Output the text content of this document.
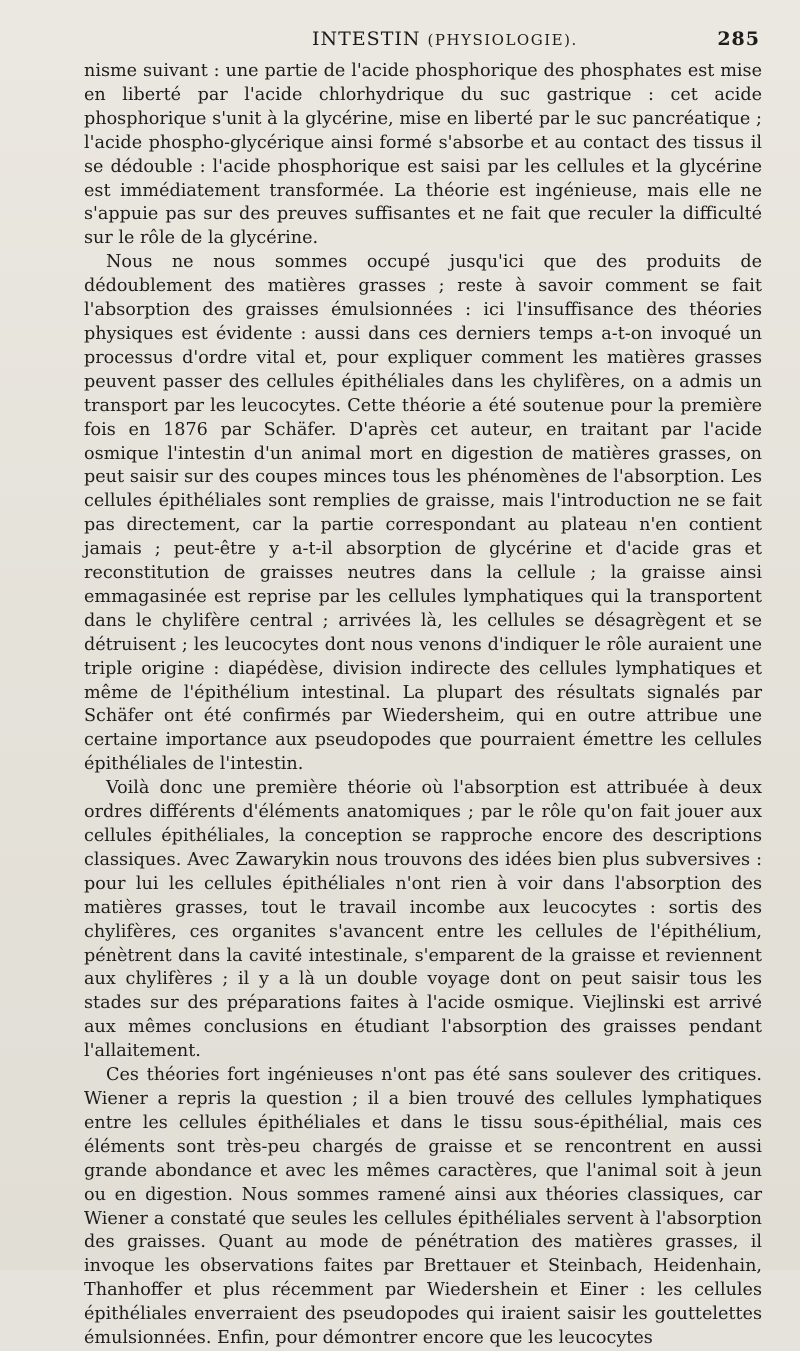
INTESTIN (PHYSIOLOGIE).	285

nisme suivant : une partie de l'acide phosphorique des phosphates est mise en liberté par l'acide chlorhydrique du suc gastrique : cet acide phosphorique s'unit à la glycérine, mise en liberté par le suc pancréatique ; l'acide phospho-glycérique ainsi formé s'absorbe et au contact des tissus il se dédouble : l'acide phosphorique est saisi par les cellules et la glycérine est immédiatement transformée. La théorie est ingénieuse, mais elle ne s'appuie pas sur des preuves suffisantes et ne fait que reculer la difficulté sur le rôle de la glycérine.

Nous ne nous sommes occupé jusqu'ici que des produits de dédoublement des matières grasses ; reste à savoir comment se fait l'absorption des graisses émulsionnées : ici l'insuffisance des théories physiques est évidente : aussi dans ces derniers temps a-t-on invoqué un processus d'ordre vital et, pour expliquer comment les matières grasses peuvent passer des cellules épithéliales dans les chylifères, on a admis un transport par les leucocytes. Cette théorie a été soutenue pour la première fois en 1876 par Schäfer. D'après cet auteur, en traitant par l'acide osmique l'intestin d'un animal mort en digestion de matières grasses, on peut saisir sur des coupes minces tous les phénomènes de l'absorption. Les cellules épithéliales sont remplies de graisse, mais l'introduction ne se fait pas directement, car la partie correspondant au plateau n'en contient jamais ; peut-être y a-t-il absorption de glycérine et d'acide gras et reconstitution de graisses neutres dans la cellule ; la graisse ainsi emmagasinée est reprise par les cellules lymphatiques qui la transportent dans le chylifère central ; arrivées là, les cellules se désagrègent et se détruisent ; les leucocytes dont nous venons d'indiquer le rôle auraient une triple origine : diapédèse, division indirecte des cellules lymphatiques et même de l'épithélium intestinal. La plupart des résultats signalés par Schäfer ont été confirmés par Wiedersheim, qui en outre attribue une certaine importance aux pseudopodes que pourraient émettre les cellules épithéliales de l'intestin.

Voilà donc une première théorie où l'absorption est attribuée à deux ordres différents d'éléments anatomiques ; par le rôle qu'on fait jouer aux cellules épithéliales, la conception se rapproche encore des descriptions classiques. Avec Zawarykin nous trouvons des idées bien plus subversives : pour lui les cellules épithéliales n'ont rien à voir dans l'absorption des matières grasses, tout le travail incombe aux leucocytes : sortis des chylifères, ces organites s'avancent entre les cellules de l'épithélium, pénètrent dans la cavité intestinale, s'emparent de la graisse et reviennent aux chylifères ; il y a là un double voyage dont on peut saisir tous les stades sur des préparations faites à l'acide osmique. Viejlinski est arrivé aux mêmes conclusions en étudiant l'absorption des graisses pendant l'allaitement.

Ces théories fort ingénieuses n'ont pas été sans soulever des critiques. Wiener a repris la question ; il a bien trouvé des cellules lymphatiques entre les cellules épithéliales et dans le tissu sous-épithélial, mais ces éléments sont très-peu chargés de graisse et se rencontrent en aussi grande abondance et avec les mêmes caractères, que l'animal soit à jeun ou en digestion. Nous sommes ramené ainsi aux théories classiques, car Wiener a constaté que seules les cellules épithéliales servent à l'absorption des graisses. Quant au mode de pénétration des matières grasses, il invoque les observations faites par Brettauer et Steinbach, Heidenhain, Thanhoffer et plus récemment par Wiedershein et Einer : les cellules épithéliales enverraient des pseudopodes qui iraient saisir les gouttelettes émulsionnées. Enfin, pour démontrer encore que les leucocytes
